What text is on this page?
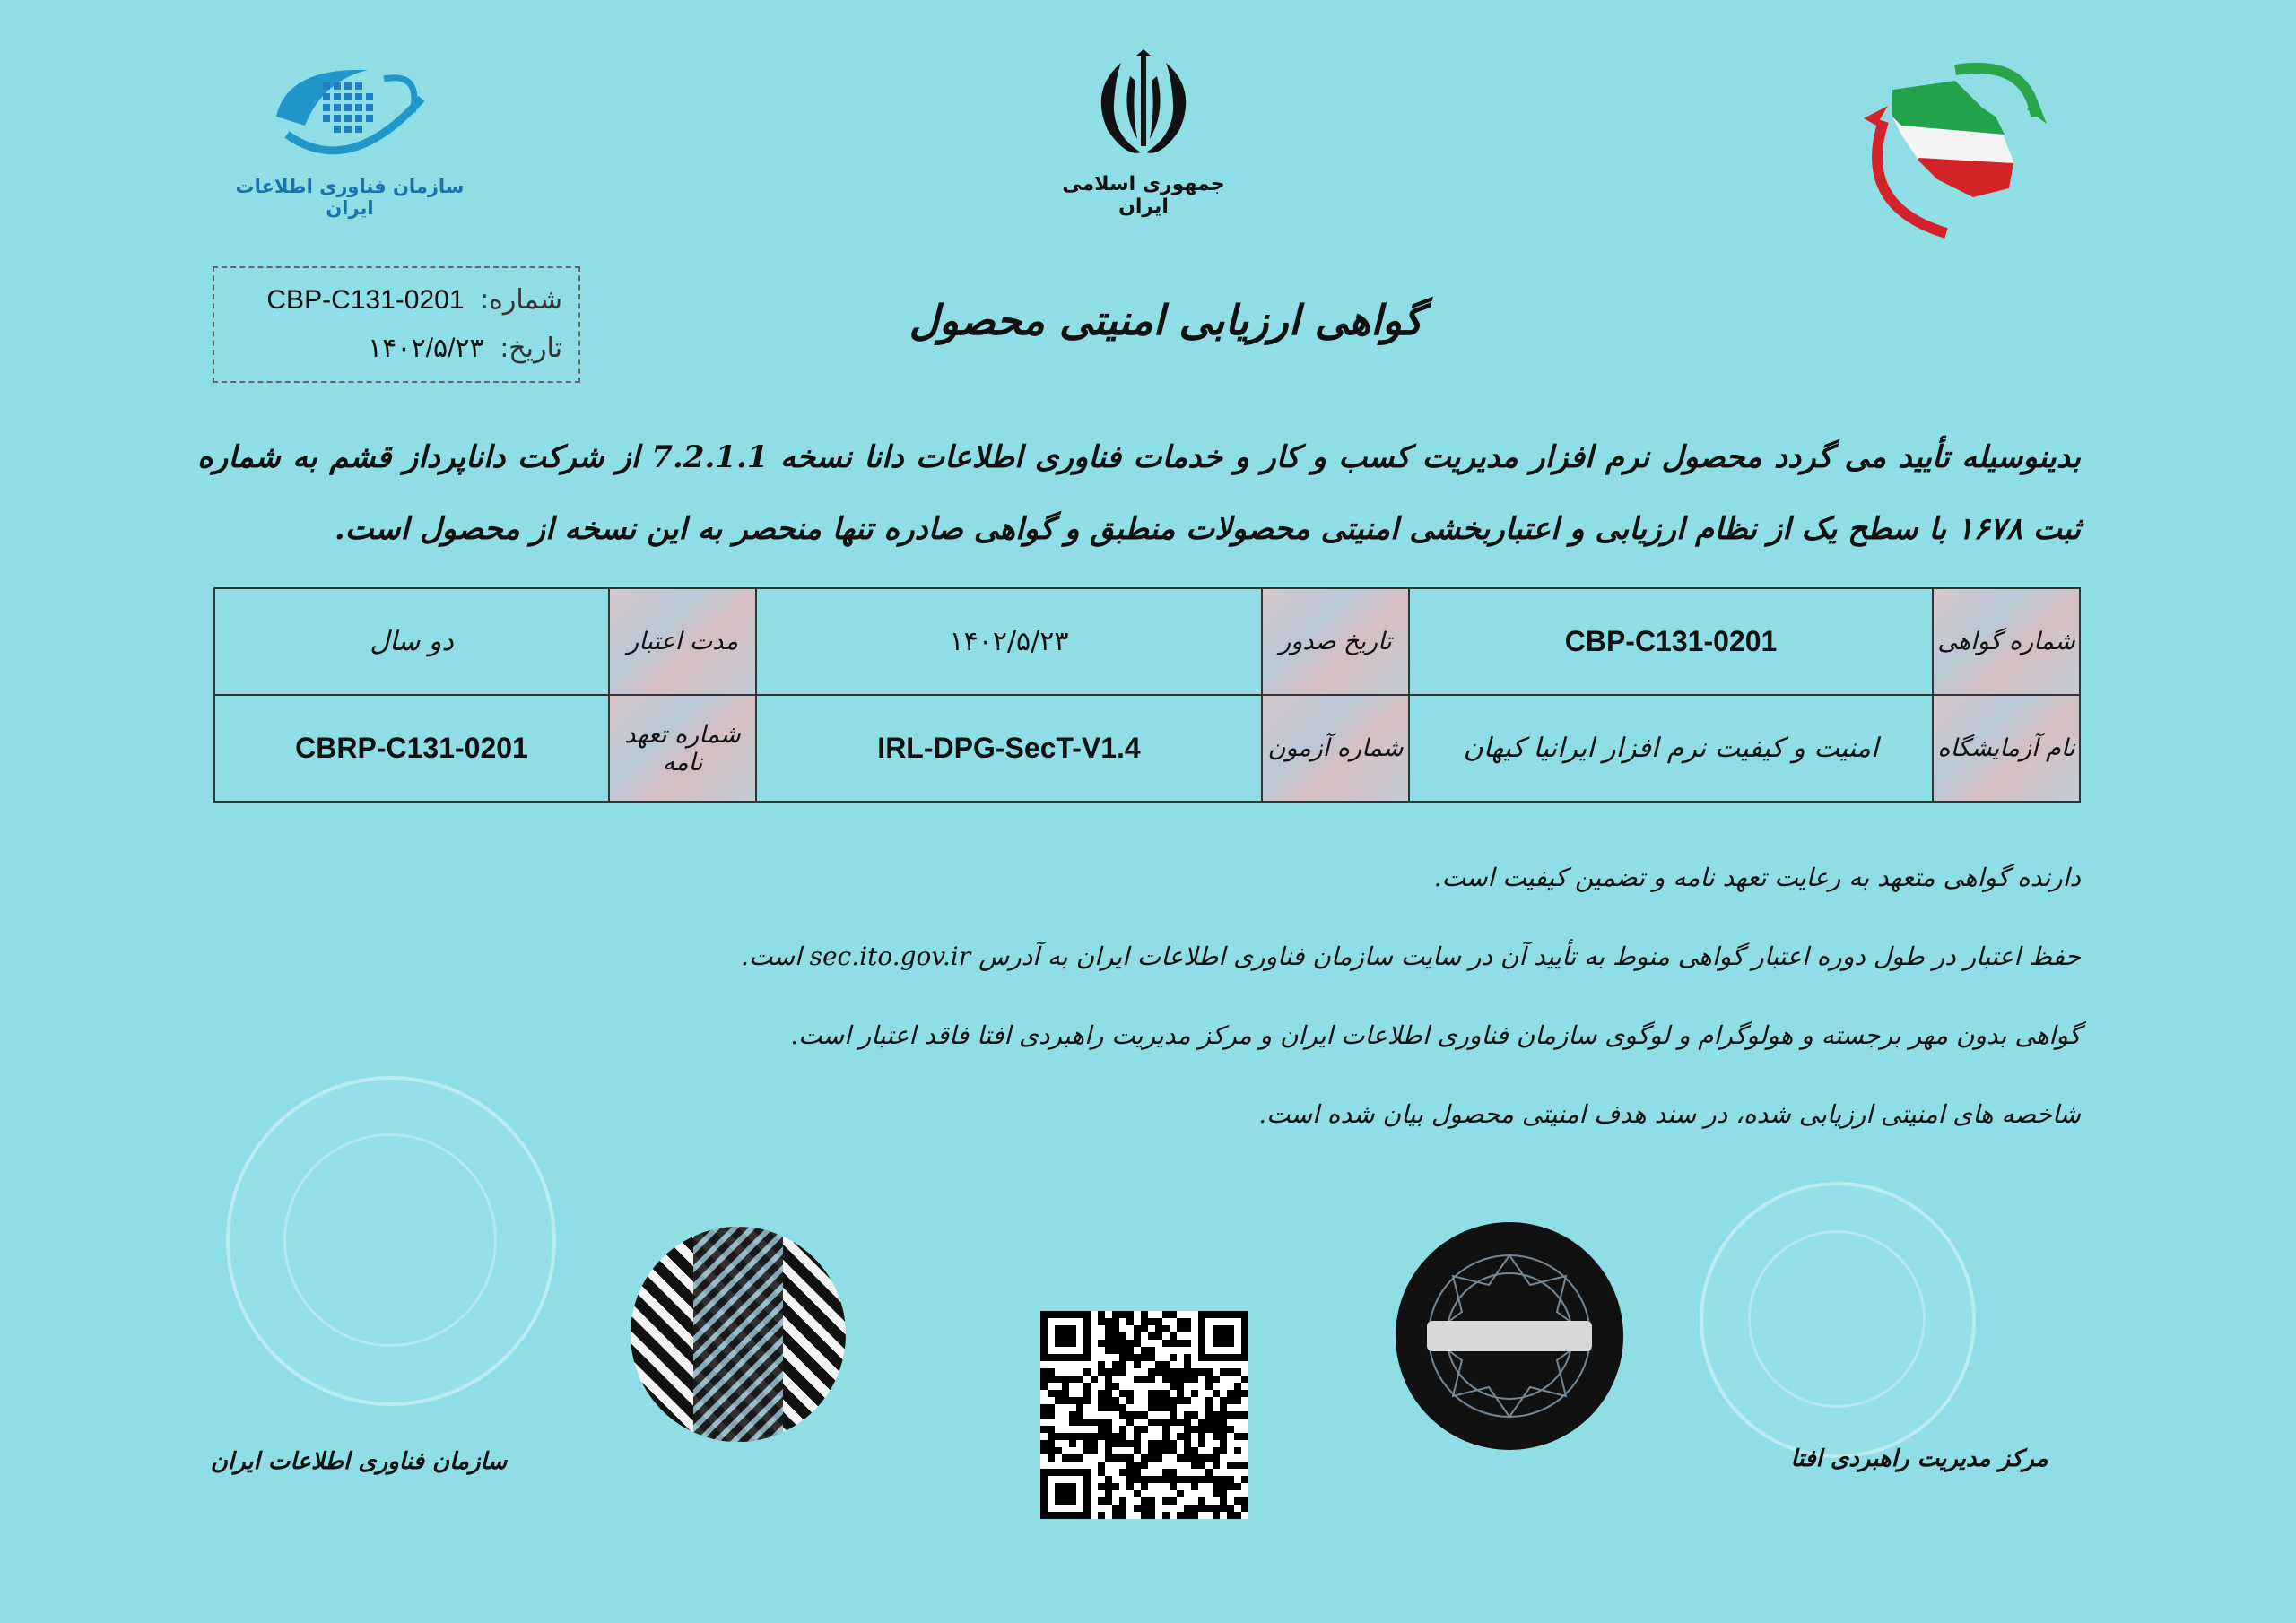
سازمان فناوری اطلاعات ایران
جمهوری اسلامی ایران
شماره: CBP-C131-0201
تاریخ: ۱۴۰۲/۵/۲۳
گواهی ارزیابی امنیتی محصول
بدینوسیله تأیید می گردد محصول نرم افزار مدیریت کسب و کار و خدمات فناوری اطلاعات دانا نسخه 7.2.1.1 از شرکت داناپرداز قشم به شماره ثبت ۱۶۷۸ با سطح یک از نظام ارزیابی و اعتباربخشی امنیتی محصولات منطبق و گواهی صادره تنها منحصر به این نسخه از محصول است.
شماره گواهی	CBP-C131-0201	تاریخ صدور	۱۴۰۲/۵/۲۳	مدت اعتبار	دو سال
نام آزمایشگاه	امنیت و کیفیت نرم افزار ایرانیا کیهان	شماره آزمون	IRL-DPG-SecT-V1.4	شماره تعهد نامه	CBRP-C131-0201

دارنده گواهی متعهد به رعایت تعهد نامه و تضمین کیفیت است.

حفظ اعتبار در طول دوره اعتبار گواهی منوط به تأیید آن در سایت سازمان فناوری اطلاعات ایران به آدرس sec.ito.gov.ir است.

گواهی بدون مهر برجسته و هولوگرام و لوگوی سازمان فناوری اطلاعات ایران و مرکز مدیریت راهبردی افتا فاقد اعتبار است.

شاخصه های امنیتی ارزیابی شده، در سند هدف امنیتی محصول بیان شده است.

سازمان فناوری اطلاعات ایران	مرکز مدیریت راهبردی افتا
